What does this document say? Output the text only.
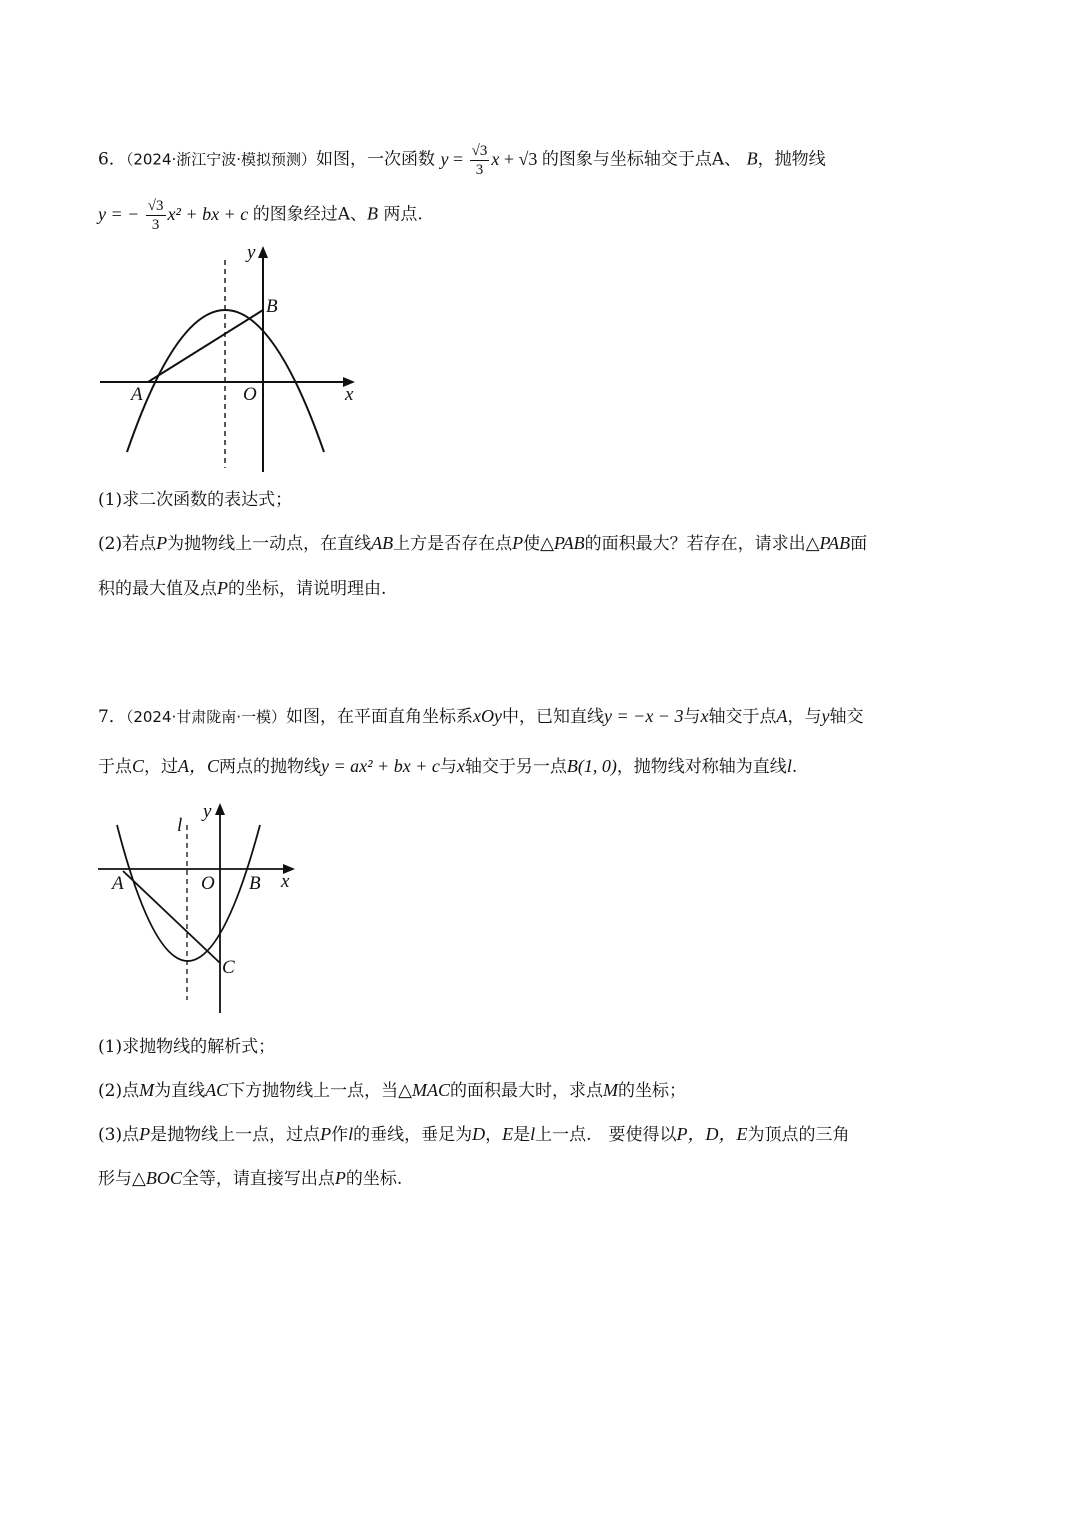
6．（2024·浙江宁波·模拟预测）如图，一次函数 $y = \frac{√3}{3}$ x + √3 的图象与坐标轴交于点A、 B，抛物线
y = − $\frac{√3}{3} x^2$ + bx + c 的图象经过A、B 两点.
y
B
A	O	x
(1)求二次函数的表达式；
(2)若点P为抛物线上一动点，在直线AB上方是否存在点P使△PAB的面积最大？若存在，请求出△PAB面
积的最大值及点P的坐标，请说明理由.
7．（2024·甘肃陇南·一模）如图，在平面直角坐标系xOy中，已知直线y = −x − 3与x轴交于点A，与y轴交
于点C，过A，C两点的抛物线y = ax² + bx + c与x轴交于另一点B(1, 0)，抛物线对称轴为直线l.
l
y
A	O B x
C
(1)求抛物线的解析式；
(2)点M为直线AC下方抛物线上一点，当△MAC的面积最大时，求点M的坐标；
(3)点P是抛物线上一点，过点P作l的垂线，垂足为D，E是l上一点.　要使得以P，D，E为顶点的三角
形与△BOC全等，请直接写出点P的坐标.
